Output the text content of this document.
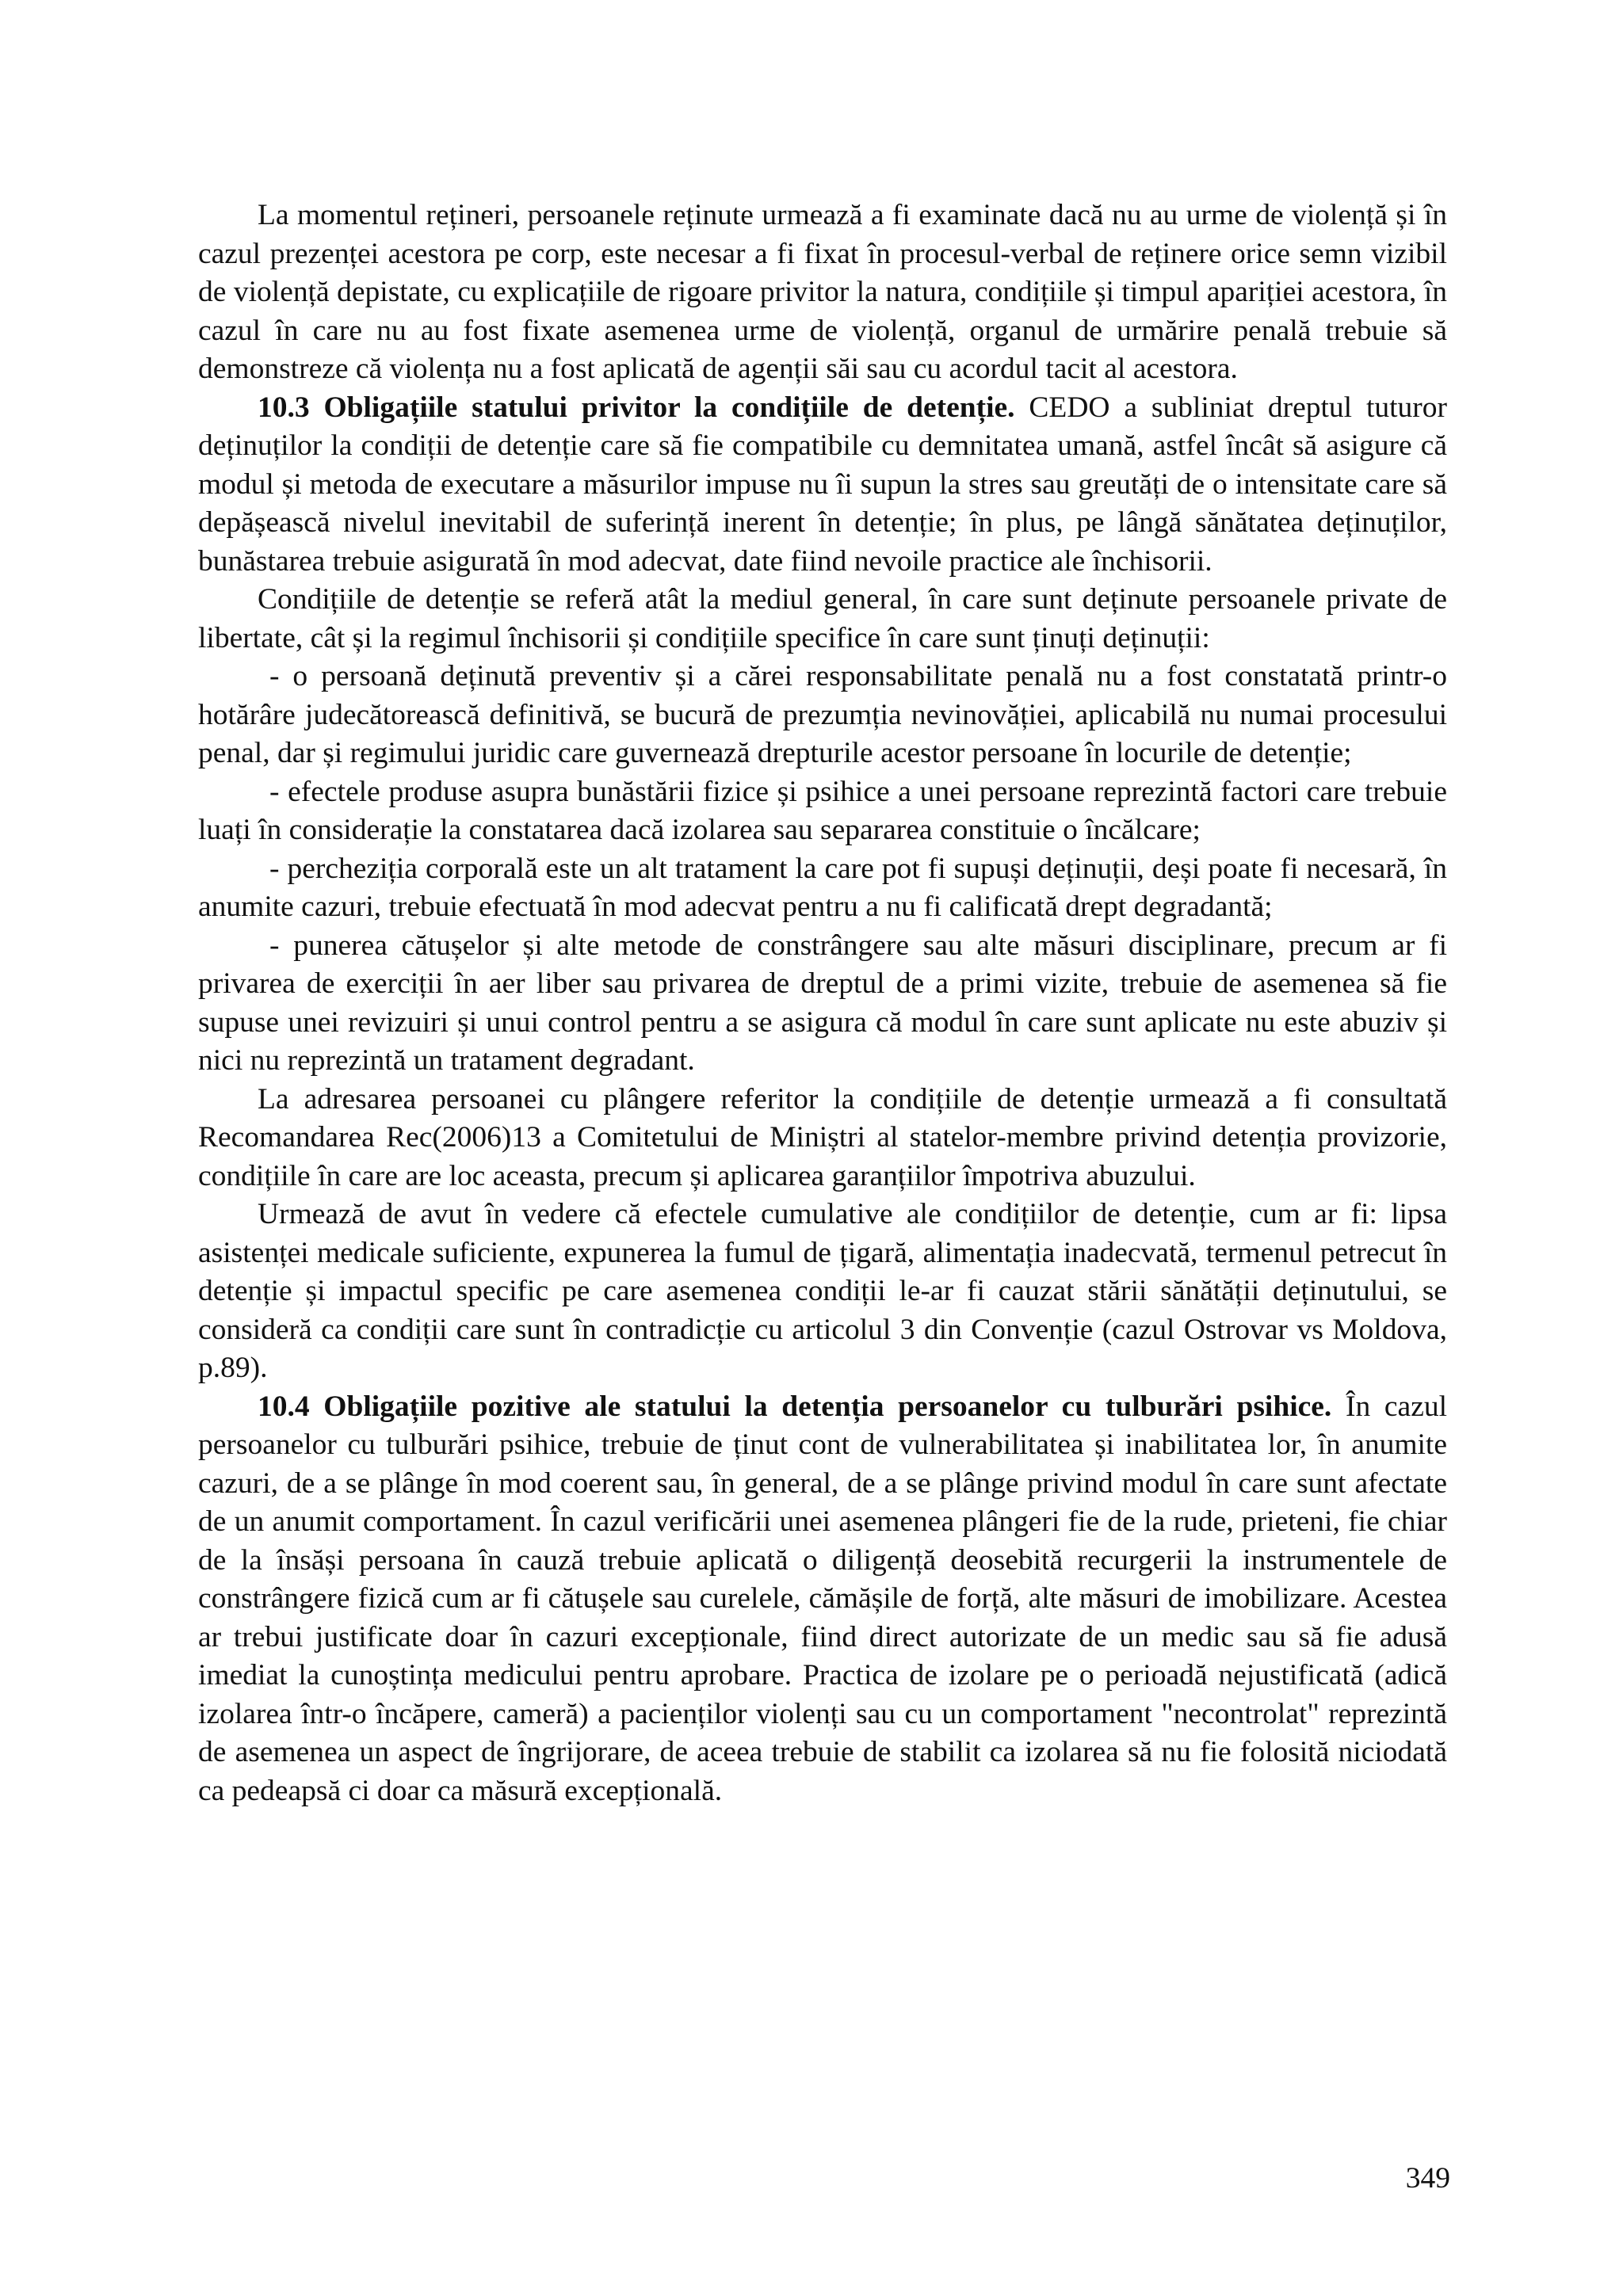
La momentul rețineri, persoanele reținute urmează a fi examinate dacă nu au urme de violență și în cazul prezenței acestora pe corp, este necesar a fi fixat în procesul-verbal de reținere orice semn vizibil de violență depistate, cu explicațiile de rigoare privitor la natura, condițiile și timpul apariției acestora, în cazul în care nu au fost fixate asemenea urme de violență, organul de urmărire penală trebuie să demonstreze că violența nu a fost aplicată de agenții săi sau cu acordul tacit al acestora.

10.3 Obligațiile statului privitor la condițiile de detenție. CEDO a subliniat dreptul tuturor deținuților la condiții de detenție care să fie compatibile cu demnitatea umană, astfel încât să asigure că modul și metoda de executare a măsurilor impuse nu îi supun la stres sau greutăți de o intensitate care să depășească nivelul inevitabil de suferință inerent în detenție; în plus, pe lângă sănătatea deținuților, bunăstarea trebuie asigurată în mod adecvat, date fiind nevoile practice ale închisorii.

Condițiile de detenție se referă atât la mediul general, în care sunt deținute persoanele private de libertate, cât și la regimul închisorii și condițiile specifice în care sunt ținuți deținuții:

- o persoană deținută preventiv și a cărei responsabilitate penală nu a fost constatată printr-o hotărâre judecătorească definitivă, se bucură de prezumția nevinovăției, aplicabilă nu numai procesului penal, dar și regimului juridic care guvernează drepturile acestor persoane în locurile de detenție;

- efectele produse asupra bunăstării fizice și psihice a unei persoane reprezintă factori care trebuie luați în considerație la constatarea dacă izolarea sau separarea constituie o încălcare;

- percheziția corporală este un alt tratament la care pot fi supuși deținuții, deși poate fi necesară, în anumite cazuri, trebuie efectuată în mod adecvat pentru a nu fi calificată drept degradantă;

- punerea cătușelor și alte metode de constrângere sau alte măsuri disciplinare, precum ar fi privarea de exerciții în aer liber sau privarea de dreptul de a primi vizite, trebuie de asemenea să fie supuse unei revizuiri și unui control pentru a se asigura că modul în care sunt aplicate nu este abuziv și nici nu reprezintă un tratament degradant.

La adresarea persoanei cu plângere referitor la condițiile de detenție urmează a fi consultată Recomandarea Rec(2006)13 a Comitetului de Miniștri al statelor-membre privind detenția provizorie, condițiile în care are loc aceasta, precum și aplicarea garanțiilor împotriva abuzului.

Urmează de avut în vedere că efectele cumulative ale condițiilor de detenție, cum ar fi: lipsa asistenței medicale suficiente, expunerea la fumul de țigară, alimentația inadecvată, termenul petrecut în detenție și impactul specific pe care asemenea condiții le-ar fi cauzat stării sănătății deținutului, se consideră ca condiții care sunt în contradicție cu articolul 3 din Convenție (cazul Ostrovar vs Moldova, p.89).

10.4 Obligațiile pozitive ale statului la detenția persoanelor cu tulburări psihice. În cazul persoanelor cu tulburări psihice, trebuie de ținut cont de vulnerabilitatea și inabilitatea lor, în anumite cazuri, de a se plânge în mod coerent sau, în general, de a se plânge privind modul în care sunt afectate de un anumit comportament. În cazul verificării unei asemenea plângeri fie de la rude, prieteni, fie chiar de la însăși persoana în cauză trebuie aplicată o diligență deosebită recurgerii la instrumentele de constrângere fizică cum ar fi cătușele sau curelele, cămășile de forță, alte măsuri de imobilizare. Acestea ar trebui justificate doar în cazuri excepționale, fiind direct autorizate de un medic sau să fie adusă imediat la cunoștința medicului pentru aprobare. Practica de izolare pe o perioadă nejustificată (adică izolarea într-o încăpere, cameră) a pacienților violenți sau cu un comportament "necontrolat" reprezintă de asemenea un aspect de îngrijorare, de aceea trebuie de stabilit ca izolarea să nu fie folosită niciodată ca pedeapsă ci doar ca măsură excepțională.

349
